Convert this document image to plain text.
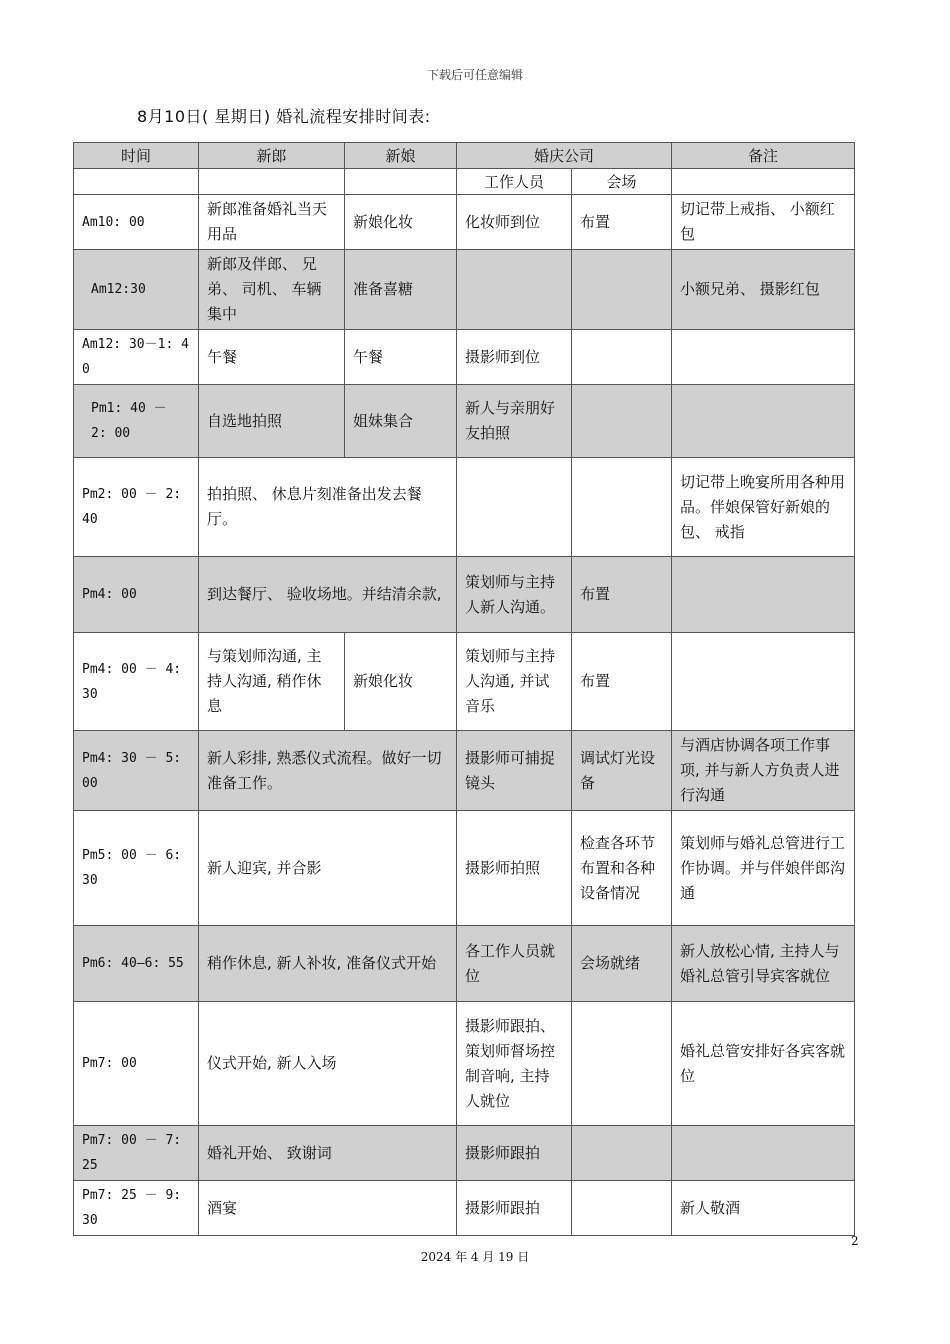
下载后可任意编辑
8月10日( 星期日) 婚礼流程安排时间表:
时间	新郎	新娘	婚庆公司		备注
			工作人员	会场	
Am10: 00	新郎准备婚礼当天用品	新娘化妆	化妆师到位	布置	切记带上戒指、 小额红包
Am12:30	新郎及伴郎、 兄弟、 司机、 车辆集中	准备喜糖			小额兄弟、 摄影红包
Am12: 30－1: 40	午餐	午餐	摄影师到位		
Pm1: 40 － 2: 00	自选地拍照	姐妹集合	新人与亲朋好友拍照		
Pm2: 00 － 2: 40	拍拍照、 休息片刻准备出发去餐厅。				切记带上晚宴所用各种用品。伴娘保管好新娘的包、 戒指
Pm4: 00	到达餐厅、 验收场地。并结清余款,		策划师与主持人新人沟通。	布置	
Pm4: 00 － 4: 30	与策划师沟通, 主持人沟通, 稍作休息	新娘化妆	策划师与主持人沟通, 并试音乐	布置	
Pm4: 30 － 5: 00	新人彩排, 熟悉仪式流程。做好一切准备工作。		摄影师可捕捉镜头	调试灯光设备	与酒店协调各项工作事项, 并与新人方负责人进行沟通
Pm5: 00 － 6: 30	新人迎宾, 并合影		摄影师拍照	检查各环节布置和各种设备情况	策划师与婚礼总管进行工作协调。并与伴娘伴郎沟通
Pm6: 40—6: 55	稍作休息, 新人补妆, 准备仪式开始		各工作人员就位	会场就绪	新人放松心情, 主持人与婚礼总管引导宾客就位
Pm7: 00	仪式开始, 新人入场		摄影师跟拍、 策划师督场控制音响, 主持人就位		婚礼总管安排好各宾客就位
Pm7: 00 － 7: 25	婚礼开始、 致谢词		摄影师跟拍		
Pm7: 25 － 9: 30	酒宴		摄影师跟拍		新人敬酒
2
2024 年 4 月 19 日
